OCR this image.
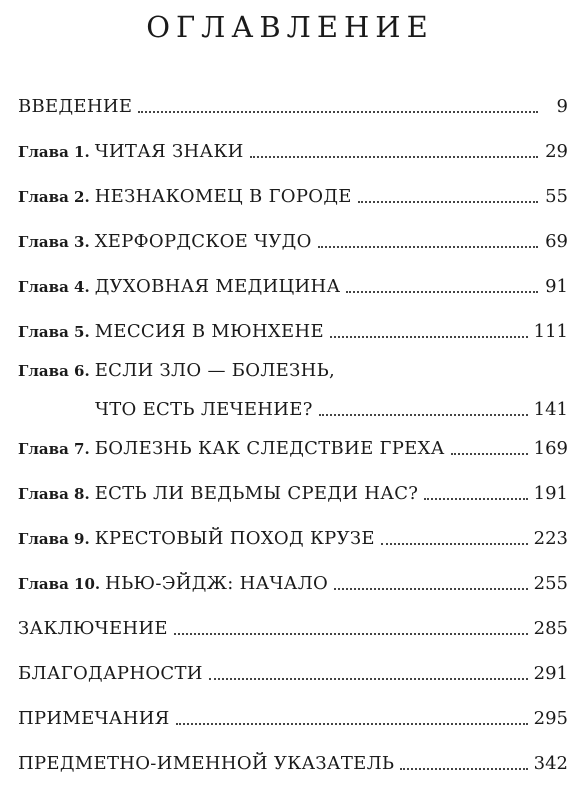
ОГЛАВЛЕНИЕ
ВВЕДЕНИЕ	9
Глава 1. ЧИТАЯ ЗНАКИ	29
Глава 2. НЕЗНАКОМЕЦ В ГОРОДЕ	55
Глава 3. ХЕРФОРДСКОЕ ЧУДО	69
Глава 4. ДУХОВНАЯ МЕДИЦИНА	91
Глава 5. МЕССИЯ В МЮНХЕНЕ	111
Глава 6. ЕСЛИ ЗЛО — БОЛЕЗНЬ,
ЧТО ЕСТЬ ЛЕЧЕНИЕ?	141
Глава 7. БОЛЕЗНЬ КАК СЛЕДСТВИЕ ГРЕХА	169
Глава 8. ЕСТЬ ЛИ ВЕДЬМЫ СРЕДИ НАС?	191
Глава 9. КРЕСТОВЫЙ ПОХОД КРУЗЕ	223
Глава 10. НЬЮ-ЭЙДЖ: НАЧАЛО	255
ЗАКЛЮЧЕНИЕ	285
БЛАГОДАРНОСТИ	291
ПРИМЕЧАНИЯ	295
ПРЕДМЕТНО-ИМЕННОЙ УКАЗАТЕЛЬ	342
